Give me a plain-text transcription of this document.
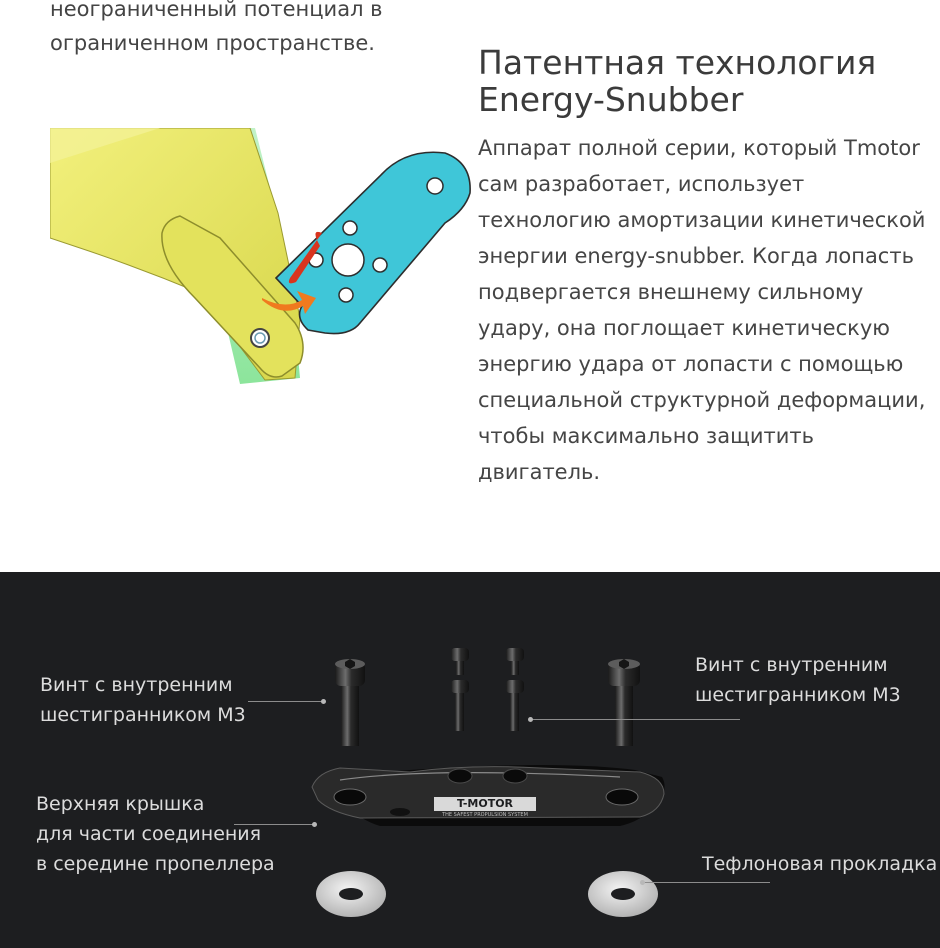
неограниченный потенциал в
ограниченном пространстве.	Патентная технология
Energy-Snubber

Аппарат полной серии, который Tmotor сам разработает, использует технологию амортизации кинетической энергии energy-snubber. Когда лопасть подвергается внешнему сильному удару, она поглощает кинетическую энергию удара от лопасти с помощью специальной структурной деформации, чтобы максимально защитить двигатель.

T-MOTOR
THE SAFEST PROPULSION SYSTEM
Винт с внутренним
шестигранником M3
Винт с внутренним
шестигранником M3
Верхняя крышка
для части соединения
в середине пропеллера	Тефлоновая прокладка
